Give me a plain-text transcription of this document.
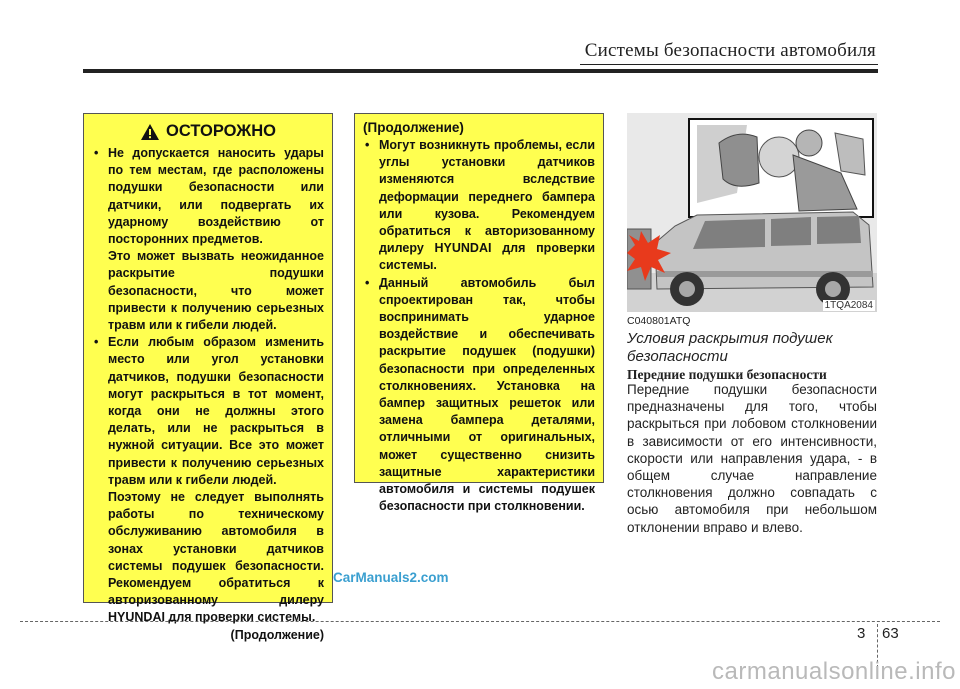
Системы безопасности автомобиля
ОСТОРОЖНО

• Не допускается наносить удары по тем местам, где расположены подушки безопасности или датчики, или подвергать их ударному воздействию от посторонних предметов.

Это может вызвать неожиданное раскрытие подушки безопасности, что может привести к получению серьезных травм или к гибели людей.

• Если любым образом изменить место или угол установки датчиков, подушки безопасности могут раскрыться в тот момент, когда они не должны этого делать, или не раскрыться в нужной ситуации. Все это может привести к получению серьезных травм или к гибели людей.

Поэтому не следует выполнять работы по техническому обслуживанию автомобиля в зонах установки датчиков системы подушек безопасности. Рекомендуем обратиться к авторизованному дилеру HYUNDAI для проверки системы.

(Продолжение)

(Продолжение)

• Могут возникнуть проблемы, если углы установки датчиков изменяются вследствие деформации переднего бампера или кузова. Рекомендуем обратиться к авторизованному дилеру HYUNDAI для проверки системы.

• Данный автомобиль был спроектирован так, чтобы воспринимать ударное воздействие и обеспечивать раскрытие подушек (подушки) безопасности при определенных столкновениях. Установка на бампер защитных решеток или замена бампера деталями, отличными от оригинальных, может существенно снизить защитные характеристики автомобиля и системы подушек безопасности при столкновении.

1TQA2084
C040801ATQ
Условия раскрытия подушек безопасности
Передние подушки безопасности
Передние подушки безопасности предназначены для того, чтобы раскрыться при лобовом столкновении в зависимости от его интенсивности, скорости или направления удара, - в общем случае направление столкновения должно совпадать с осью автомобиля при небольшом отклонении вправо и влево.
CarManuals2.com
3 63
carmanualsonline.info
